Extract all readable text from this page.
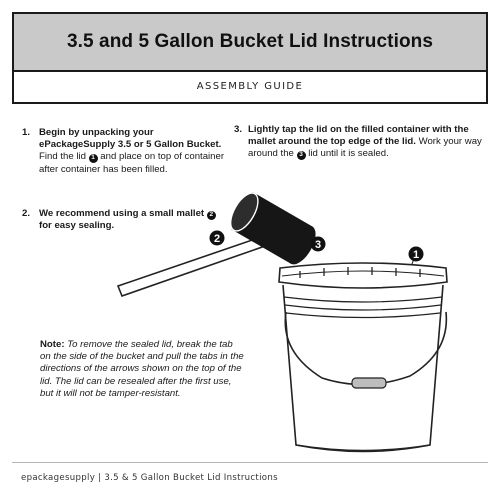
3.5 and 5 Gallon Bucket Lid Instructions
ASSEMBLY GUIDE
1. Begin by unpacking your ePackageSupply 3.5 or 5 Gallon Bucket. Find the lid 1 and place on top of container after container has been filled.
2. We recommend using a small mallet 2 for easy sealing.
3. Lightly tap the lid on the filled container with the mallet around the top edge of the lid. Work your way around the 3 lid until it is sealed.
1
2	3
Note: To remove the sealed lid, break the tab on the side of the bucket and pull the tabs in the directions of the arrows shown on the top of the lid. The lid can be resealed after the first use, but it will not be tamper-resistant.
epackagesupply | 3.5 & 5 Gallon Bucket Lid Instructions
